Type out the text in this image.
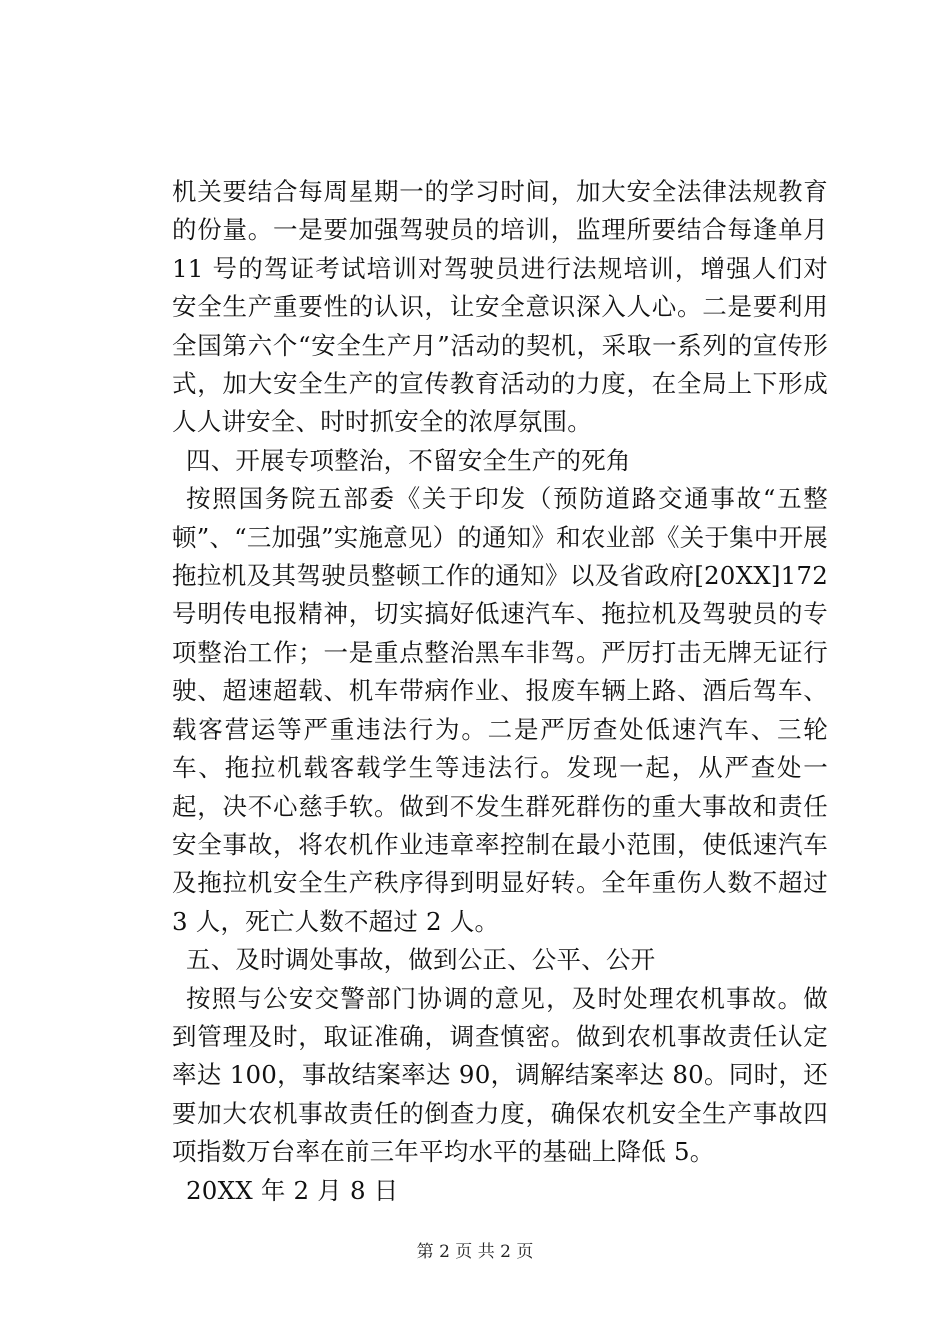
机关要结合每周星期一的学习时间，加大安全法律法规教育的份量。一是要加强驾驶员的培训，监理所要结合每逢单月 11 号的驾证考试培训对驾驶员进行法规培训，增强人们对安全生产重要性的认识，让安全意识深入人心。二是要利用全国第六个“安全生产月”活动的契机，采取一系列的宣传形式，加大安全生产的宣传教育活动的力度，在全局上下形成人人讲安全、时时抓安全的浓厚氛围。

四、开展专项整治，不留安全生产的死角

按照国务院五部委《关于印发（预防道路交通事故“五整顿”、“三加强”实施意见）的通知》和农业部《关于集中开展拖拉机及其驾驶员整顿工作的通知》以及省政府[20XX]172号明传电报精神，切实搞好低速汽车、拖拉机及驾驶员的专项整治工作；一是重点整治黑车非驾。严厉打击无牌无证行驶、超速超载、机车带病作业、报废车辆上路、酒后驾车、载客营运等严重违法行为。二是严厉查处低速汽车、三轮车、拖拉机载客载学生等违法行。发现一起，从严查处一起，决不心慈手软。做到不发生群死群伤的重大事故和责任安全事故，将农机作业违章率控制在最小范围，使低速汽车及拖拉机安全生产秩序得到明显好转。全年重伤人数不超过 3 人，死亡人数不超过 2 人。

五、及时调处事故，做到公正、公平、公开

按照与公安交警部门协调的意见，及时处理农机事故。做到管理及时，取证准确，调查慎密。做到农机事故责任认定率达 100，事故结案率达 90，调解结案率达 80。同时，还要加大农机事故责任的倒查力度，确保农机安全生产事故四项指数万台率在前三年平均水平的基础上降低 5。

20XX 年 2 月 8 日

第 2 页 共 2 页
